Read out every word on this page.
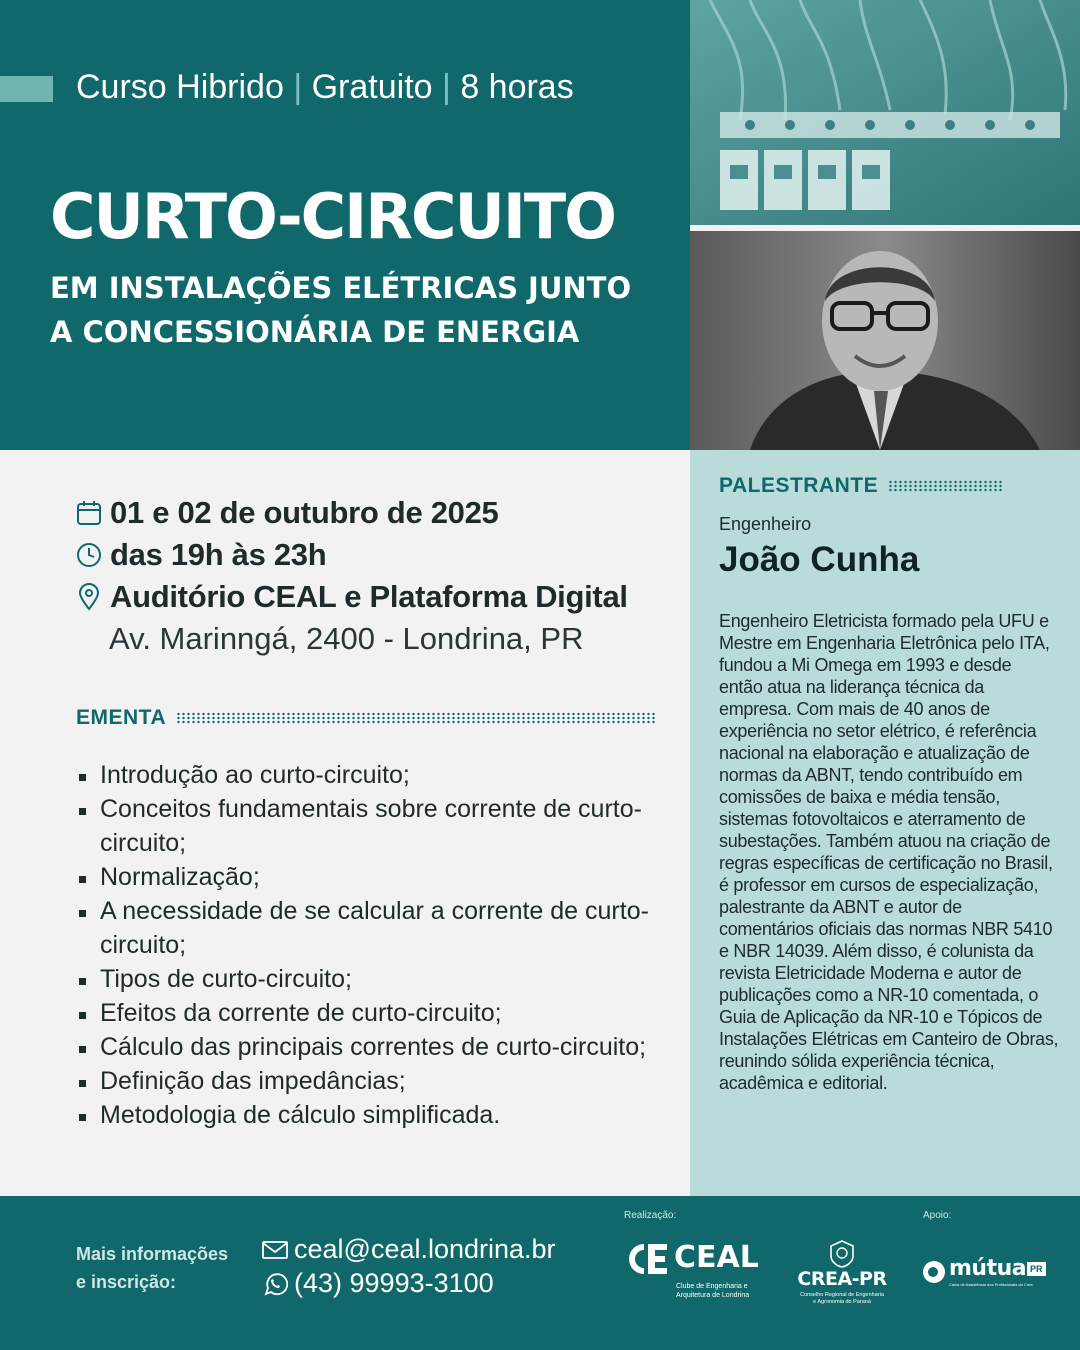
Curso Hibrido | Gratuito | 8 horas
CURTO-CIRCUITO
EM INSTALAÇÕES ELÉTRICAS JUNTO
A CONCESSIONÁRIA DE ENERGIA
01 e 02 de outubro de 2025
das 19h às 23h
Auditório CEAL e Plataforma Digital
Av. Marinngá, 2400 - Londrina, PR
EMENTA
Introdução ao curto-circuito;
Conceitos fundamentais sobre corrente de curto-circuito;
Normalização;
A necessidade de se calcular a corrente de curto-circuito;
Tipos de curto-circuito;
Efeitos da corrente de curto-circuito;
Cálculo das principais correntes de curto-circuito;
Definição das impedâncias;
Metodologia de cálculo simplificada.
PALESTRANTE
Engenheiro
João Cunha
Engenheiro Eletricista formado pela UFU e Mestre em Engenharia Eletrônica pelo ITA, fundou a Mi Omega em 1993 e desde então atua na liderança técnica da empresa. Com mais de 40 anos de experiência no setor elétrico, é referência nacional na elaboração e atualização de normas da ABNT, tendo contribuído em comissões de baixa e média tensão, sistemas fotovoltaicos e aterramento de subestações. Também atuou na criação de regras específicas de certificação no Brasil, é professor em cursos de especialização, palestrante da ABNT e autor de comentários oficiais das normas NBR 5410 e NBR 14039. Além disso, é colunista da revista Eletricidade Moderna e autor de publicações como a NR-10 comentada, o Guia de Aplicação da NR-10 e Tópicos de Instalações Elétricas em Canteiro de Obras, reunindo sólida experiência técnica, acadêmica e editorial.
Mais informações
e inscrição:
ceal@ceal.londrina.br
(43) 99993-3100
Realização:	Apoio:
CEAL
Clube de Engenharia e
Arquitetura de Londrina
CREA-PR
Conselho Regional de Engenharia
e Agronomia do Paraná
mútua PR
Caixa de Assistência dos Profissionais do Crea
